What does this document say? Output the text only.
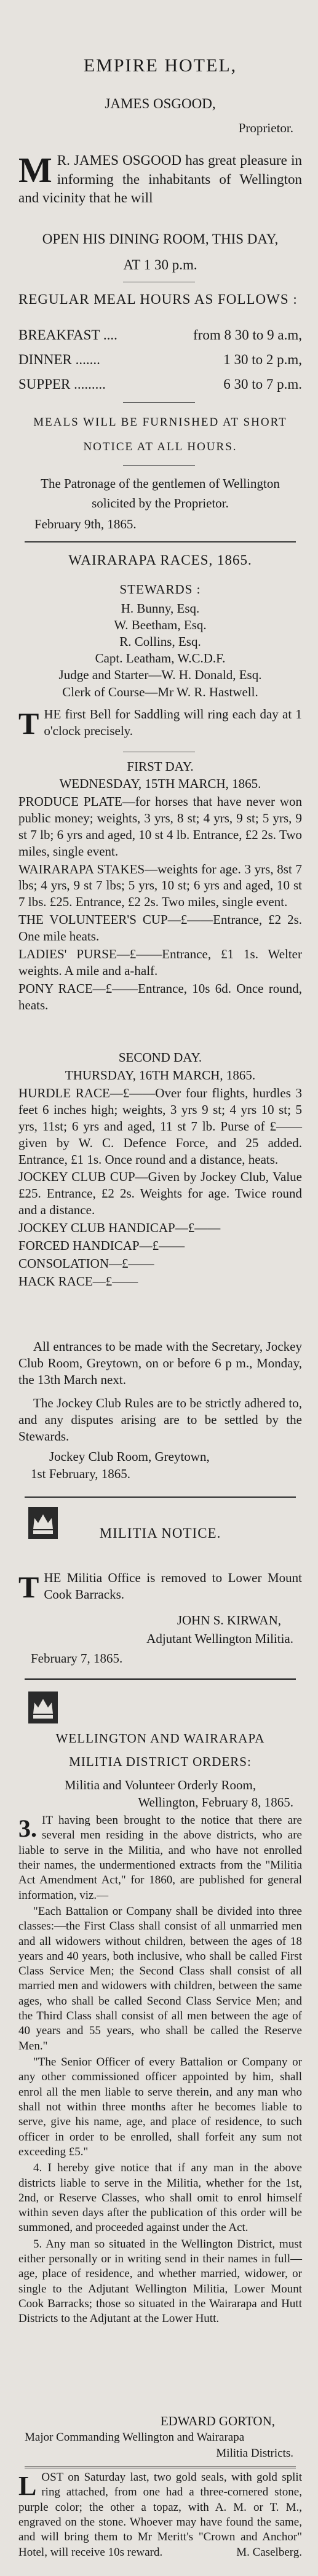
EMPIRE HOTEL,
JAMES OSGOOD,
Proprietor.
M R. JAMES OSGOOD has great pleasure in informing the inhabitants of Wellington and vicinity that he will
OPEN HIS DINING ROOM, THIS DAY,
AT 1 30 p.m.
REGULAR MEAL HOURS AS FOLLOWS :
BREAKFAST ....	from 8 30 to 9 a.m,
DINNER .......	1 30 to 2 p.m,
SUPPER .........	6 30 to 7 p.m.
MEALS WILL BE FURNISHED AT SHORT
NOTICE AT ALL HOURS.
The Patronage of the gentlemen of Wellington
solicited by the Proprietor.
February 9th, 1865.
WAIRARAPA RACES, 1865.
STEWARDS :
H. Bunny, Esq.
W. Beetham, Esq.
R. Collins, Esq.
Capt. Leatham, W.C.D.F.
Judge and Starter—W. H. Donald, Esq.
Clerk of Course—Mr W. R. Hastwell.
THE first Bell for Saddling will ring each day at 1 o'clock precisely.
FIRST DAY.
WEDNESDAY, 15TH MARCH, 1865.
PRODUCE PLATE—for horses that have never won public money; weights, 3 yrs, 8 st; 4 yrs, 9 st; 5 yrs, 9 st 7 lb; 6 yrs and aged, 10 st 4 lb. Entrance, £2 2s. Two miles, single event.
WAIRARAPA STAKES—weights for age. 3 yrs, 8st 7 lbs; 4 yrs, 9 st 7 lbs; 5 yrs, 10 st; 6 yrs and aged, 10 st 7 lbs. £25. Entrance, £2 2s. Two miles, single event.
THE VOLUNTEER'S CUP—£——Entrance, £2 2s. One mile heats.
LADIES' PURSE—£——Entrance, £1 1s. Welter weights. A mile and a-half.
PONY RACE—£——Entrance, 10s 6d. Once round, heats.
SECOND DAY.
THURSDAY, 16TH MARCH, 1865.
HURDLE RACE—£——Over four flights, hurdles 3 feet 6 inches high; weights, 3 yrs 9 st; 4 yrs 10 st; 5 yrs, 11st; 6 yrs and aged, 11 st 7 lb. Purse of £——given by W. C. Defence Force, and 25 added. Entrance, £1 1s. Once round and a distance, heats.
JOCKEY CLUB CUP—Given by Jockey Club, Value £25. Entrance, £2 2s. Weights for age. Twice round and a distance.
JOCKEY CLUB HANDICAP—£——
FORCED HANDICAP—£——
CONSOLATION—£——
HACK RACE—£——
All entrances to be made with the Secretary, Jockey Club Room, Greytown, on or before 6 p m., Monday, the 13th March next.
The Jockey Club Rules are to be strictly adhered to, and any disputes arising are to be settled by the Stewards.
Jockey Club Room, Greytown,
1st February, 1865.
MILITIA NOTICE.
THE Militia Office is removed to Lower Mount Cook Barracks.
JOHN S. KIRWAN,
Adjutant Wellington Militia.
February 7, 1865.
WELLINGTON AND WAIRARAPA
MILITIA DISTRICT ORDERS:
Militia and Volunteer Orderly Room,
Wellington, February 8, 1865.
3. IT having been brought to the notice that there are several men residing in the above districts, who are liable to serve in the Militia, and who have not enrolled their names, the undermentioned extracts from the "Militia Act Amendment Act," for 1860, are published for general information, viz.—
"Each Battalion or Company shall be divided into three classes:—the First Class shall consist of all unmarried men and all widowers without children, between the ages of 18 years and 40 years, both inclusive, who shall be called First Class Service Men; the Second Class shall consist of all married men and widowers with children, between the same ages, who shall be called Second Class Service Men; and the Third Class shall consist of all men between the age of 40 years and 55 years, who shall be called the Reserve Men."
"The Senior Officer of every Battalion or Company or any other commissioned officer appointed by him, shall enrol all the men liable to serve therein, and any man who shall not within three months after he becomes liable to serve, give his name, age, and place of residence, to such officer in order to be enrolled, shall forfeit any sum not exceeding £5."
4. I hereby give notice that if any man in the above districts liable to serve in the Militia, whether for the 1st, 2nd, or Reserve Classes, who shall omit to enrol himself within seven days after the publication of this order will be summoned, and proceeded against under the Act.
5. Any man so situated in the Wellington District, must either personally or in writing send in their names in full—age, place of residence, and whether married, widower, or single to the Adjutant Wellington Militia, Lower Mount Cook Barracks; those so situated in the Wairarapa and Hutt Districts to the Adjutant at the Lower Hutt.
EDWARD GORTON,
Major Commanding Wellington and Wairarapa
Militia Districts.
LOST on Saturday last, two gold seals, with gold split ring attached, from one had a three-cornered stone, purple color; the other a topaz, with A. M. or T. M., engraved on the stone. Whoever may have found the same, and will bring them to Mr Meritt's "Crown and Anchor" Hotel, will receive 10s reward.	M. Caselberg.
